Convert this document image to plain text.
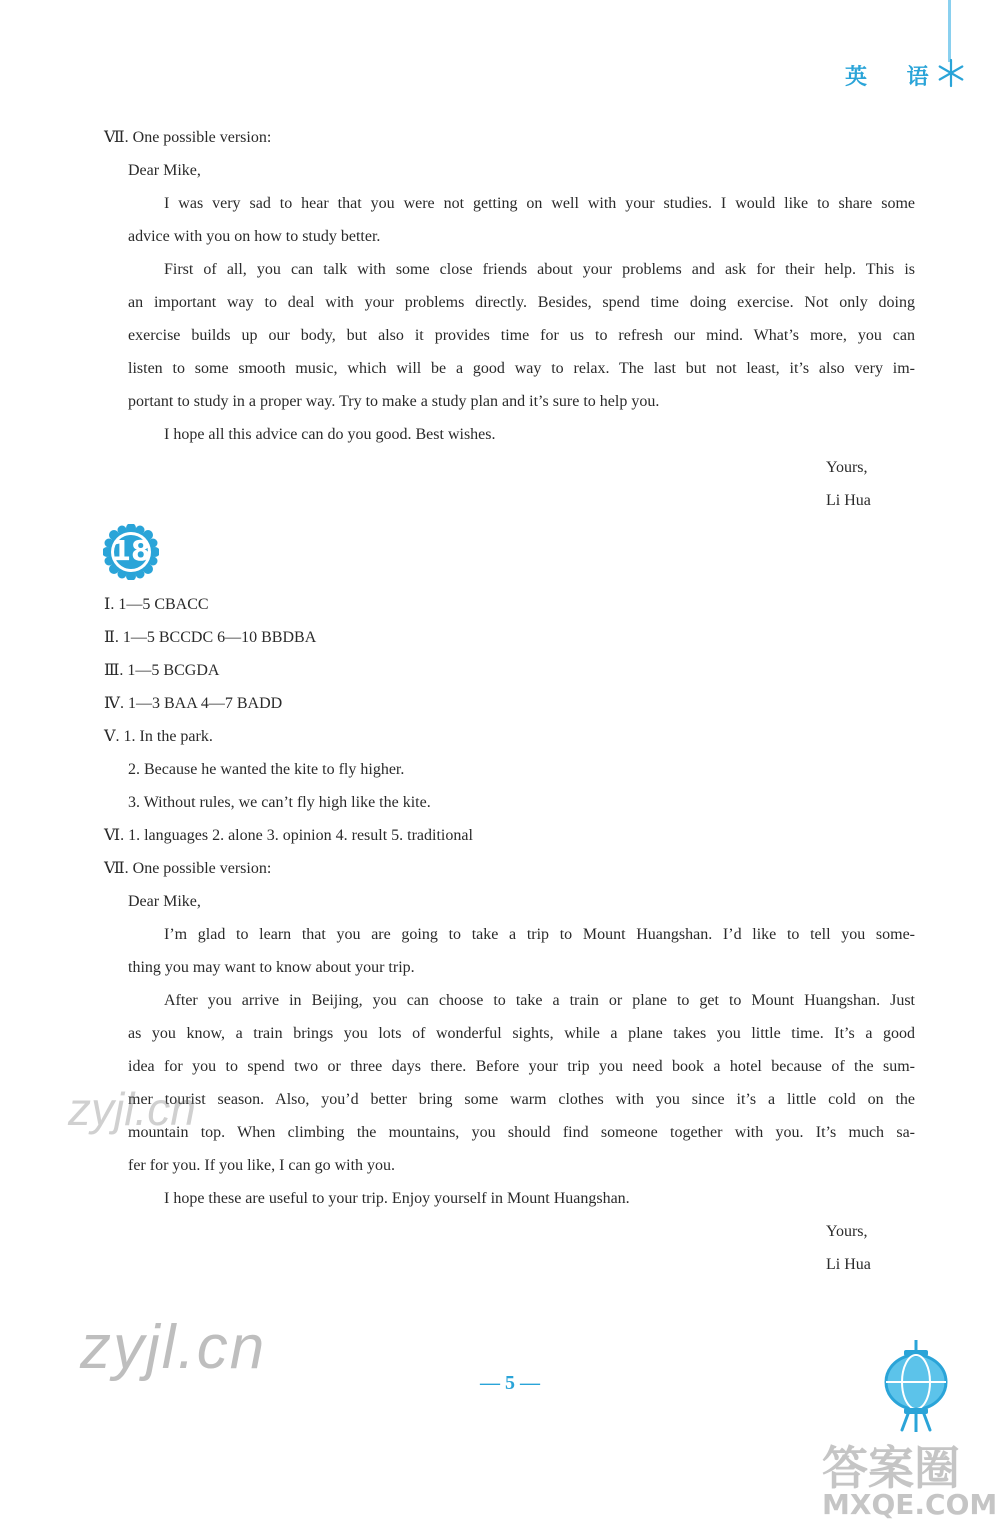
英 语
Ⅶ. One possible version:
Dear Mike,
I was very sad to hear that you were not getting on well with your studies. I would like to share some
advice with you on how to study better.
First of all, you can talk with some close friends about your problems and ask for their help. This is
an important way to deal with your problems directly. Besides, spend time doing exercise. Not only doing
exercise builds up our body, but also it provides time for us to refresh our mind. What’s more, you can
listen to some smooth music, which will be a good way to relax. The last but not least, it’s also very im-
portant to study in a proper way. Try to make a study plan and it’s sure to help you.
I hope all this advice can do you good. Best wishes.
Yours,
Li Hua
18
Ⅰ. 1—5 CBACC
Ⅱ. 1—5 BCCDC 6—10 BBDBA
Ⅲ. 1—5 BCGDA
Ⅳ. 1—3 BAA 4—7 BADD
Ⅴ. 1. In the park.
2. Because he wanted the kite to fly higher.
3. Without rules, we can’t fly high like the kite.
Ⅵ. 1. languages 2. alone 3. opinion 4. result 5. traditional
Ⅶ. One possible version:
Dear Mike,
I’m glad to learn that you are going to take a trip to Mount Huangshan. I’d like to tell you some-
thing you may want to know about your trip.
After you arrive in Beijing, you can choose to take a train or plane to get to Mount Huangshan. Just
as you know, a train brings you lots of wonderful sights, while a plane takes you little time. It’s a good
idea for you to spend two or three days there. Before your trip you need book a hotel because of the sum-
mer tourist season. Also, you’d better bring some warm clothes with you since it’s a little cold on the
mountain top. When climbing the mountains, you should find someone together with you. It’s much sa-
fer for you. If you like, I can go with you.
I hope these are useful to your trip. Enjoy yourself in Mount Huangshan.
Yours,
Li Hua
zyjl.cn
zyjl.cn
— 5 —
答案圈
MXQE.COM
